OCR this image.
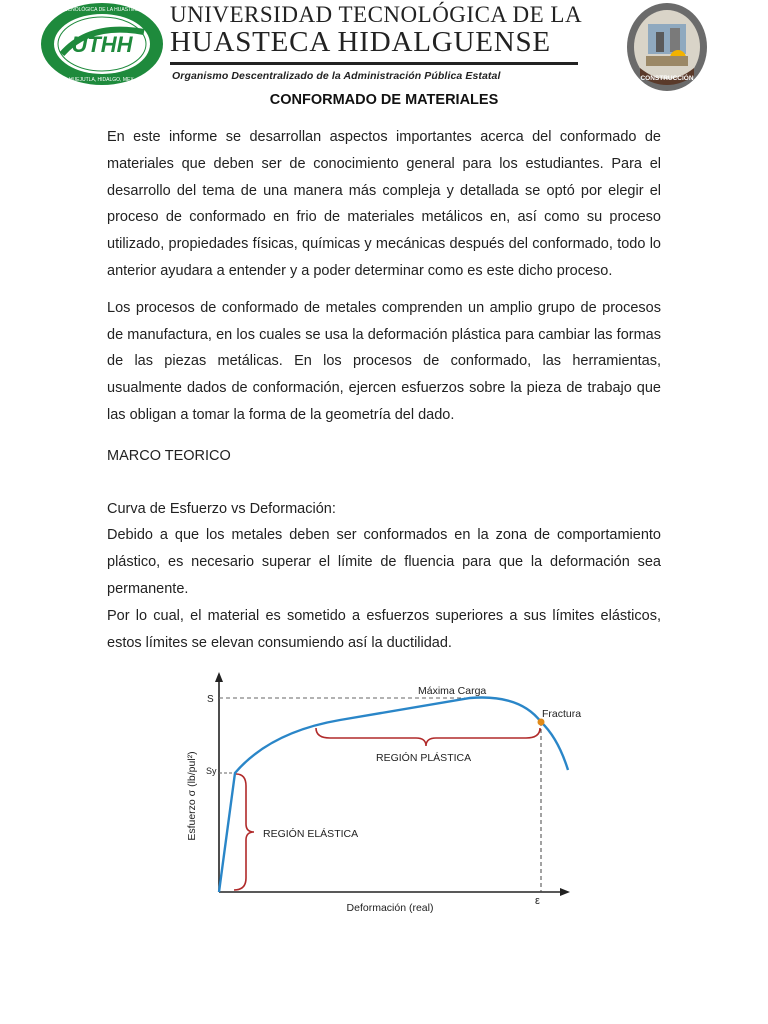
UTHH
UNIVERSIDAD TECNOLÓGICA DE LA HUASTECA HIDALGUENSE
HUEJUTLA, HIDALGO, MEX.
UNIVERSIDAD TECNOLÓGICA DE LA
HUASTECA HIDALGUENSE
Organismo Descentralizado de la Administración Pública Estatal	CONSTRUCCIÓN
CONFORMADO DE MATERIALES

En este informe se desarrollan aspectos importantes acerca del conformado de materiales que deben ser de conocimiento general para los estudiantes. Para el desarrollo del tema de una manera más compleja y detallada se optó por elegir el proceso de conformado en frio de materiales metálicos en, así como su proceso utilizado, propiedades físicas, químicas y mecánicas después del conformado, todo lo anterior ayudara a entender y a poder determinar como es este dicho proceso.

Los procesos de conformado de metales comprenden un amplio grupo de procesos de manufactura, en los cuales se usa la deformación plástica para cambiar las formas de las piezas metálicas. En los procesos de conformado, las herramientas, usualmente dados de conformación, ejercen esfuerzos sobre la pieza de trabajo que las obligan a tomar la forma de la geometría del dado.

MARCO TEORICO

Curva de Esfuerzo vs Deformación:

Debido a que los metales deben ser conformados en la zona de comportamiento plástico, es necesario superar el límite de fluencia para que la deformación sea permanente.

Por lo cual, el material es sometido a esfuerzos superiores a sus límites elásticos, estos límites se elevan consumiendo así la ductilidad.

S
Sy
Máxima Carga
Fractura
REGIÓN PLÁSTICA
REGIÓN ELÁSTICA
ε
Deformación (real)
Esfuerzo σ (lb/pul²)
